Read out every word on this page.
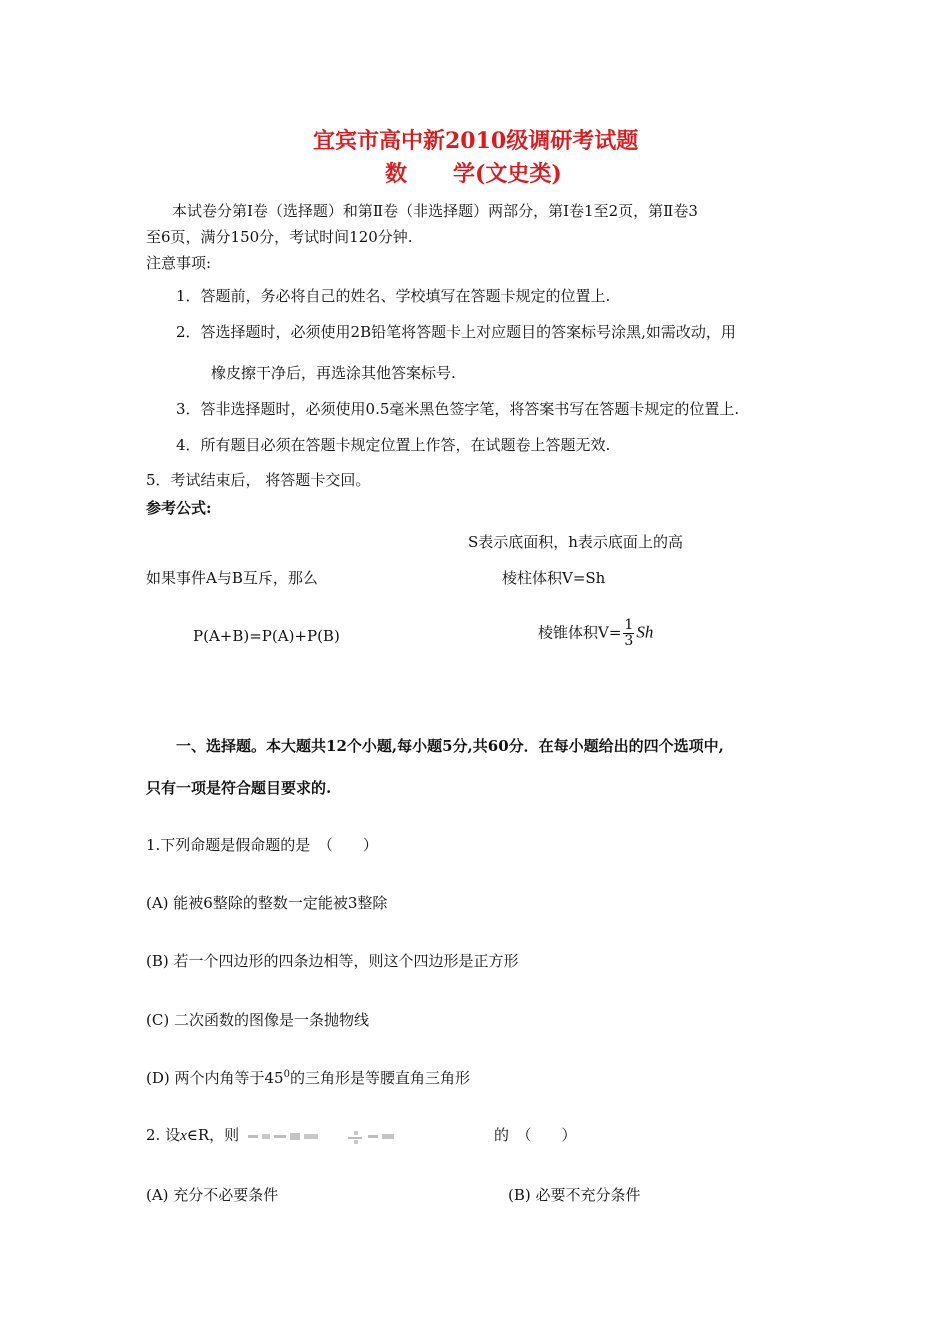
宜宾市高中新2010级调研考试题
数 学(文史类)
本试卷分第Ⅰ卷（选择题）和第Ⅱ卷（非选择题）两部分，第Ⅰ卷1至2页，第Ⅱ卷3
至6页，满分150分，考试时间120分钟.
注意事项:
1．答题前，务必将自己的姓名、学校填写在答题卡规定的位置上.
2．答选择题时，必须使用2B铅笔将答题卡上对应题目的答案标号涂黑,如需改动，用
橡皮擦干净后，再选涂其他答案标号.
3．答非选择题时，必须使用0.5毫米黑色签字笔，将答案书写在答题卡规定的位置上.
4．所有题目必须在答题卡规定位置上作答，在试题卷上答题无效.
5．考试结束后， 将答题卡交回。
参考公式:
S表示底面积，h表示底面上的高
如果事件A与B互斥，那么	棱柱体积V=Sh
P(A+B)=P(A)+P(B)	棱锥体积$V= \frac{1}{3}$ Sh
一、选择题。本大题共12个小题,每小题5分,共60分．在每小题给出的四个选项中,
只有一项是符合题目要求的.
1.下列命题是假命题的是　（　　）
(A) 能被6整除的整数一定能被3整除
(B) 若一个四边形的四条边相等，则这个四边形是正方形
(C) 二次函数的图像是一条抛物线
(D) 两个内角等于$45^0$的三角形是等腰直角三角形
2. 设x∈R，则	的　（　　）
(A) 充分不必要条件	(B) 必要不充分条件
